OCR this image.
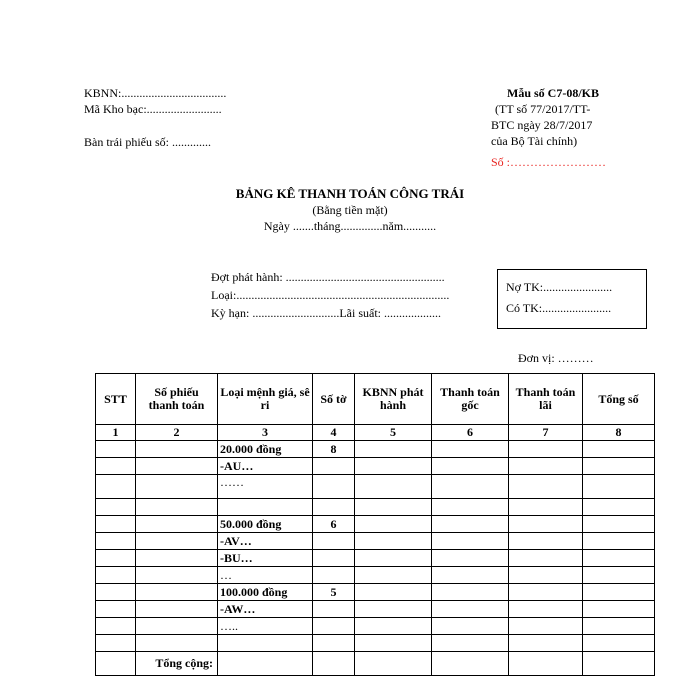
KBNN:...................................
Mã Kho bạc:.........................
Bàn trái phiếu số: .............
Mẫu số C7-08/KB
(TT số 77/2017/TT-
BTC ngày 28/7/2017
của Bộ Tài chính)
Số :……………………
BẢNG KÊ THANH TOÁN CÔNG TRÁI
(Bằng tiền mặt)
Ngày .......tháng..............năm...........
Đợt phát hành: .....................................................
Loại:.......................................................................
Kỳ hạn: .............................Lãi suất: ...................
Nợ TK:.......................
Có TK:.......................
Đơn vị: ………
STT	Số phiếu thanh toán	Loại mệnh giá, sê ri	Số tờ	KBNN phát hành	Thanh toán gốc	Thanh toán lãi	Tổng số
1	2	3	4	5	6	7	8
		20.000 đồng	8				
		-AU…					
		……					

		50.000 đồng	6				
		-AV…					
		-BU…					
		…					
		100.000 đồng	5				
		-AW…					
		…..					

	Tổng cộng:						
